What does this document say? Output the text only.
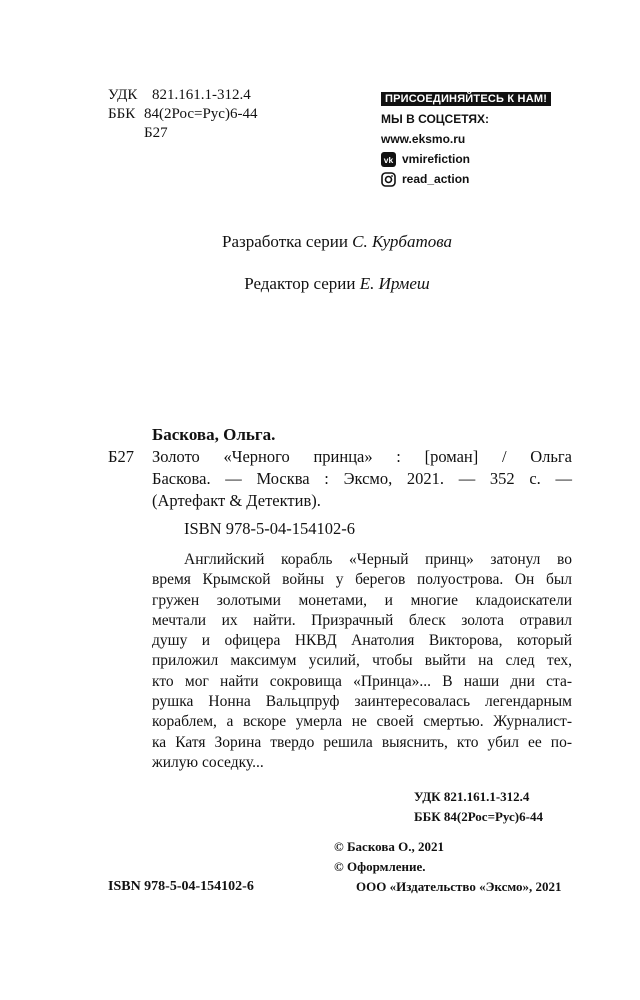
УДК 821.161.1-312.4
ББК 84(2Рос=Рус)6-44
Б27
ПРИСОЕДИНЯЙТЕСЬ К НАМ!
МЫ В СОЦСЕТЯХ:
www.eksmo.ru
vk vmirefiction
read_action
Разработка серии С. Курбатова
Редактор серии Е. Ирмеш
Баскова, Ольга.
Б27 Золото «Черного принца» : [роман] / Ольга
Баскова. — Москва : Эксмо, 2021. — 352 с. —
(Артефакт & Детектив).
ISBN 978-5-04-154102-6
Английский корабль «Черный принц» затонул во
время Крымской войны у берегов полуострова. Он был
гружен золотыми монетами, и многие кладоискатели
мечтали их найти. Призрачный блеск золота отравил
душу и офицера НКВД Анатолия Викторова, который
приложил максимум усилий, чтобы выйти на след тех,
кто мог найти сокровища «Принца»... В наши дни ста-
рушка Нонна Вальцпруф заинтересовалась легендарным
кораблем, а вскоре умерла не своей смертью. Журналист-
ка Катя Зорина твердо решила выяснить, кто убил ее по-
жилую соседку...
УДК 821.161.1-312.4
ББК 84(2Рос=Рус)6-44
© Баскова О., 2021
© Оформление.
ООО «Издательство «Эксмо», 2021
ISBN 978-5-04-154102-6
